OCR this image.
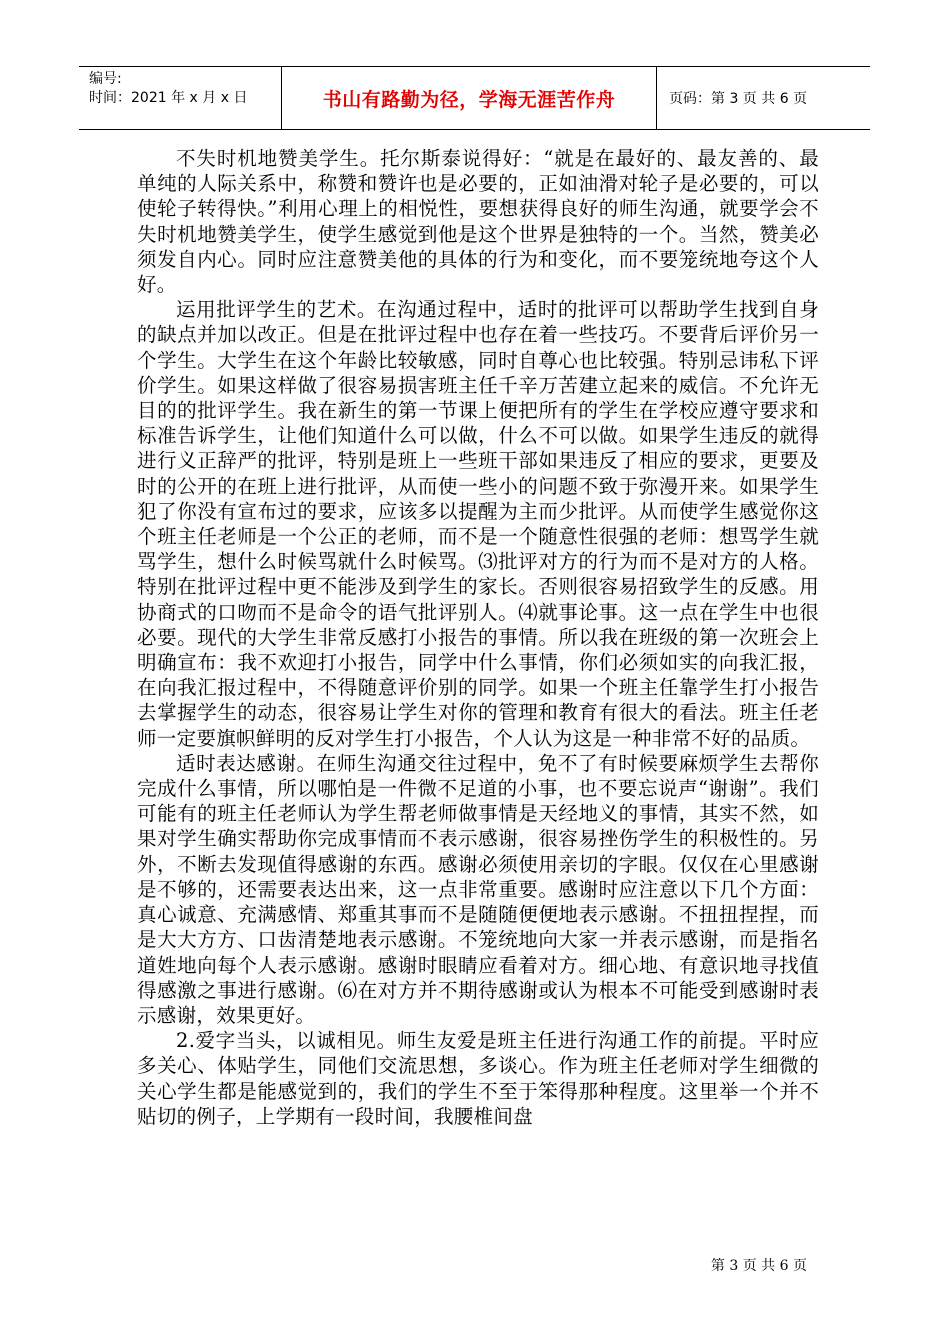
编号:
时间：2021 年 x 月 x 日	书山有路勤为径，学海无涯苦作舟	页码：第 3 页 共 6 页

不失时机地赞美学生。托尔斯泰说得好：“就是在最好的、最友善的、最单纯的人际关系中，称赞和赞许也是必要的，正如油滑对轮子是必要的，可以使轮子转得快。”利用心理上的相悦性，要想获得良好的师生沟通，就要学会不失时机地赞美学生，使学生感觉到他是这个世界是独特的一个。当然，赞美必须发自内心。同时应注意赞美他的具体的行为和变化，而不要笼统地夸这个人好。

运用批评学生的艺术。在沟通过程中，适时的批评可以帮助学生找到自身的缺点并加以改正。但是在批评过程中也存在着一些技巧。不要背后评价另一个学生。大学生在这个年龄比较敏感，同时自尊心也比较强。特别忌讳私下评价学生。如果这样做了很容易损害班主任千辛万苦建立起来的威信。不允许无目的的批评学生。我在新生的第一节课上便把所有的学生在学校应遵守要求和标准告诉学生，让他们知道什么可以做，什么不可以做。如果学生违反的就得进行义正辞严的批评，特别是班上一些班干部如果违反了相应的要求，更要及时的公开的在班上进行批评，从而使一些小的问题不致于弥漫开来。如果学生犯了你没有宣布过的要求，应该多以提醒为主而少批评。从而使学生感觉你这个班主任老师是一个公正的老师，而不是一个随意性很强的老师：想骂学生就骂学生，想什么时候骂就什么时候骂。⑶批评对方的行为而不是对方的人格。特别在批评过程中更不能涉及到学生的家长。否则很容易招致学生的反感。用协商式的口吻而不是命令的语气批评别人。⑷就事论事。这一点在学生中也很必要。现代的大学生非常反感打小报告的事情。所以我在班级的第一次班会上明确宣布：我不欢迎打小报告，同学中什么事情，你们必须如实的向我汇报，在向我汇报过程中，不得随意评价别的同学。如果一个班主任靠学生打小报告去掌握学生的动态，很容易让学生对你的管理和教育有很大的看法。班主任老师一定要旗帜鲜明的反对学生打小报告，个人认为这是一种非常不好的品质。

适时表达感谢。在师生沟通交往过程中，免不了有时候要麻烦学生去帮你完成什么事情，所以哪怕是一件微不足道的小事，也不要忘说声“谢谢”。我们可能有的班主任老师认为学生帮老师做事情是天经地义的事情，其实不然，如果对学生确实帮助你完成事情而不表示感谢，很容易挫伤学生的积极性的。另外，不断去发现值得感谢的东西。感谢必须使用亲切的字眼。仅仅在心里感谢是不够的，还需要表达出来，这一点非常重要。感谢时应注意以下几个方面：真心诚意、充满感情、郑重其事而不是随随便便地表示感谢。不扭扭捏捏，而是大大方方、口齿清楚地表示感谢。不笼统地向大家一并表示感谢，而是指名道姓地向每个人表示感谢。感谢时眼睛应看着对方。细心地、有意识地寻找值得感激之事进行感谢。⑹在对方并不期待感谢或认为根本不可能受到感谢时表示感谢，效果更好。

2.爱字当头，以诚相见。师生友爱是班主任进行沟通工作的前提。平时应多关心、体贴学生，同他们交流思想，多谈心。作为班主任老师对学生细微的关心学生都是能感觉到的，我们的学生不至于笨得那种程度。这里举一个并不贴切的例子，上学期有一段时间，我腰椎间盘

第 3 页 共 6 页
